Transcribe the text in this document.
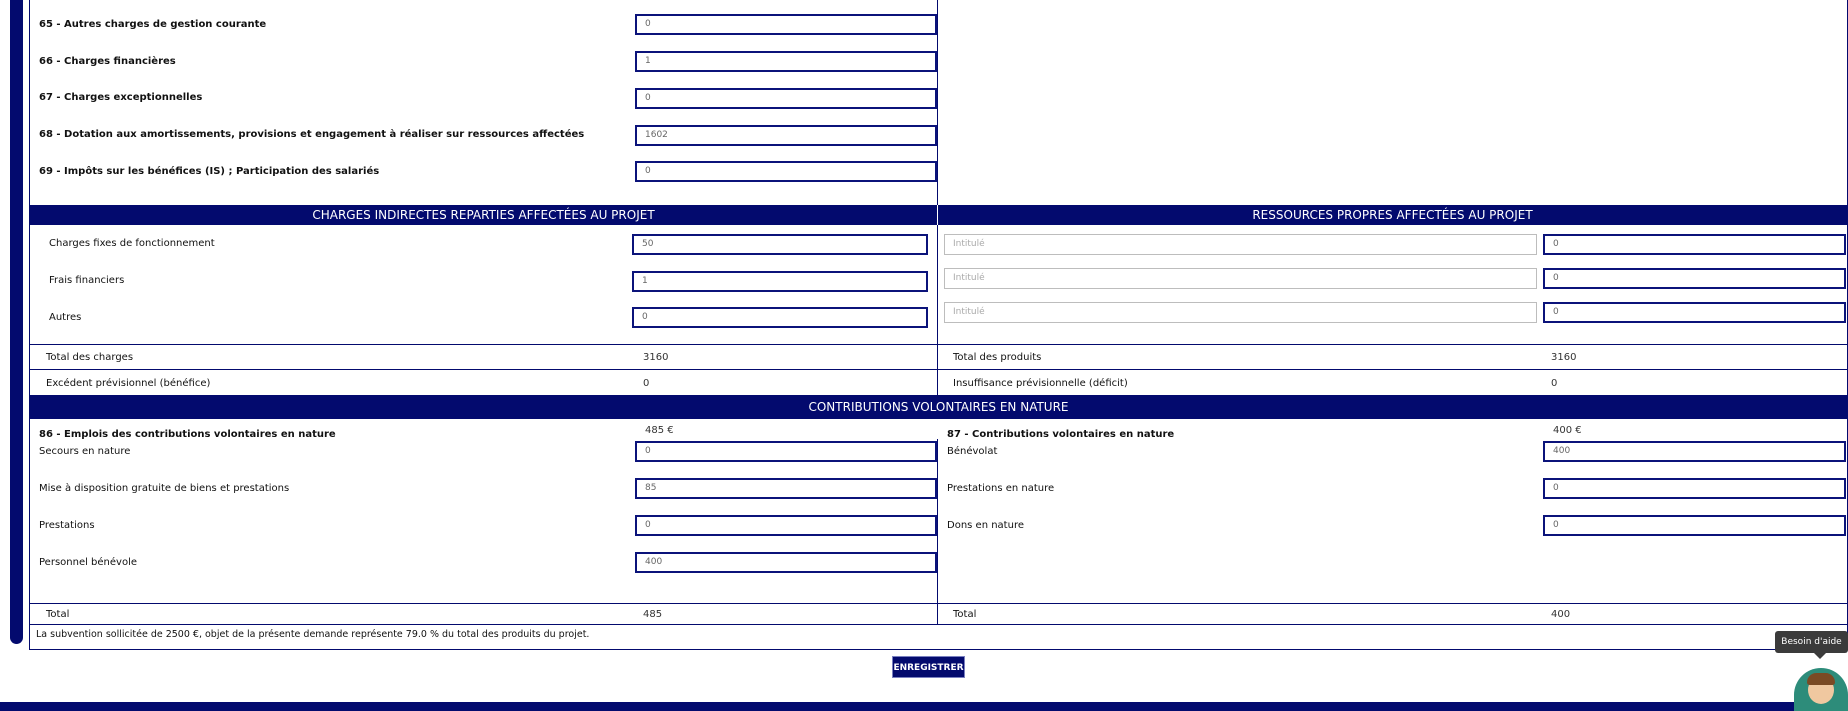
65 - Autres charges de gestion courante	0
66 - Charges financières	1
67 - Charges exceptionnelles	0
68 - Dotation aux amortissements, provisions et engagement à réaliser sur ressources affectées	1602
69 - Impôts sur les bénéfices (IS) ; Participation des salariés	0
CHARGES INDIRECTES REPARTIES AFFECTÉES AU PROJET	RESSOURCES PROPRES AFFECTÉES AU PROJET
Charges fixes de fonctionnement	50
Frais financiers	1
Autres	0
Intitulé	0
Intitulé	0
Intitulé	0
Total des charges	3160	Total des produits	3160
Excédent prévisionnel (bénéfice)	0	Insuffisance prévisionnelle (déficit)	0
CONTRIBUTIONS VOLONTAIRES EN NATURE
86 - Emplois des contributions volontaires en nature	485 €
Secours en nature	0
Mise à disposition gratuite de biens et prestations	85
Prestations	0
Personnel bénévole	400
87 - Contributions volontaires en nature	400 €
Bénévolat	400
Prestations en nature	0
Dons en nature	0
Total	485	Total	400
La subvention sollicitée de 2500 €, objet de la présente demande représente 79.0 % du total des produits du projet.
ENREGISTRER
Besoin d'aide
